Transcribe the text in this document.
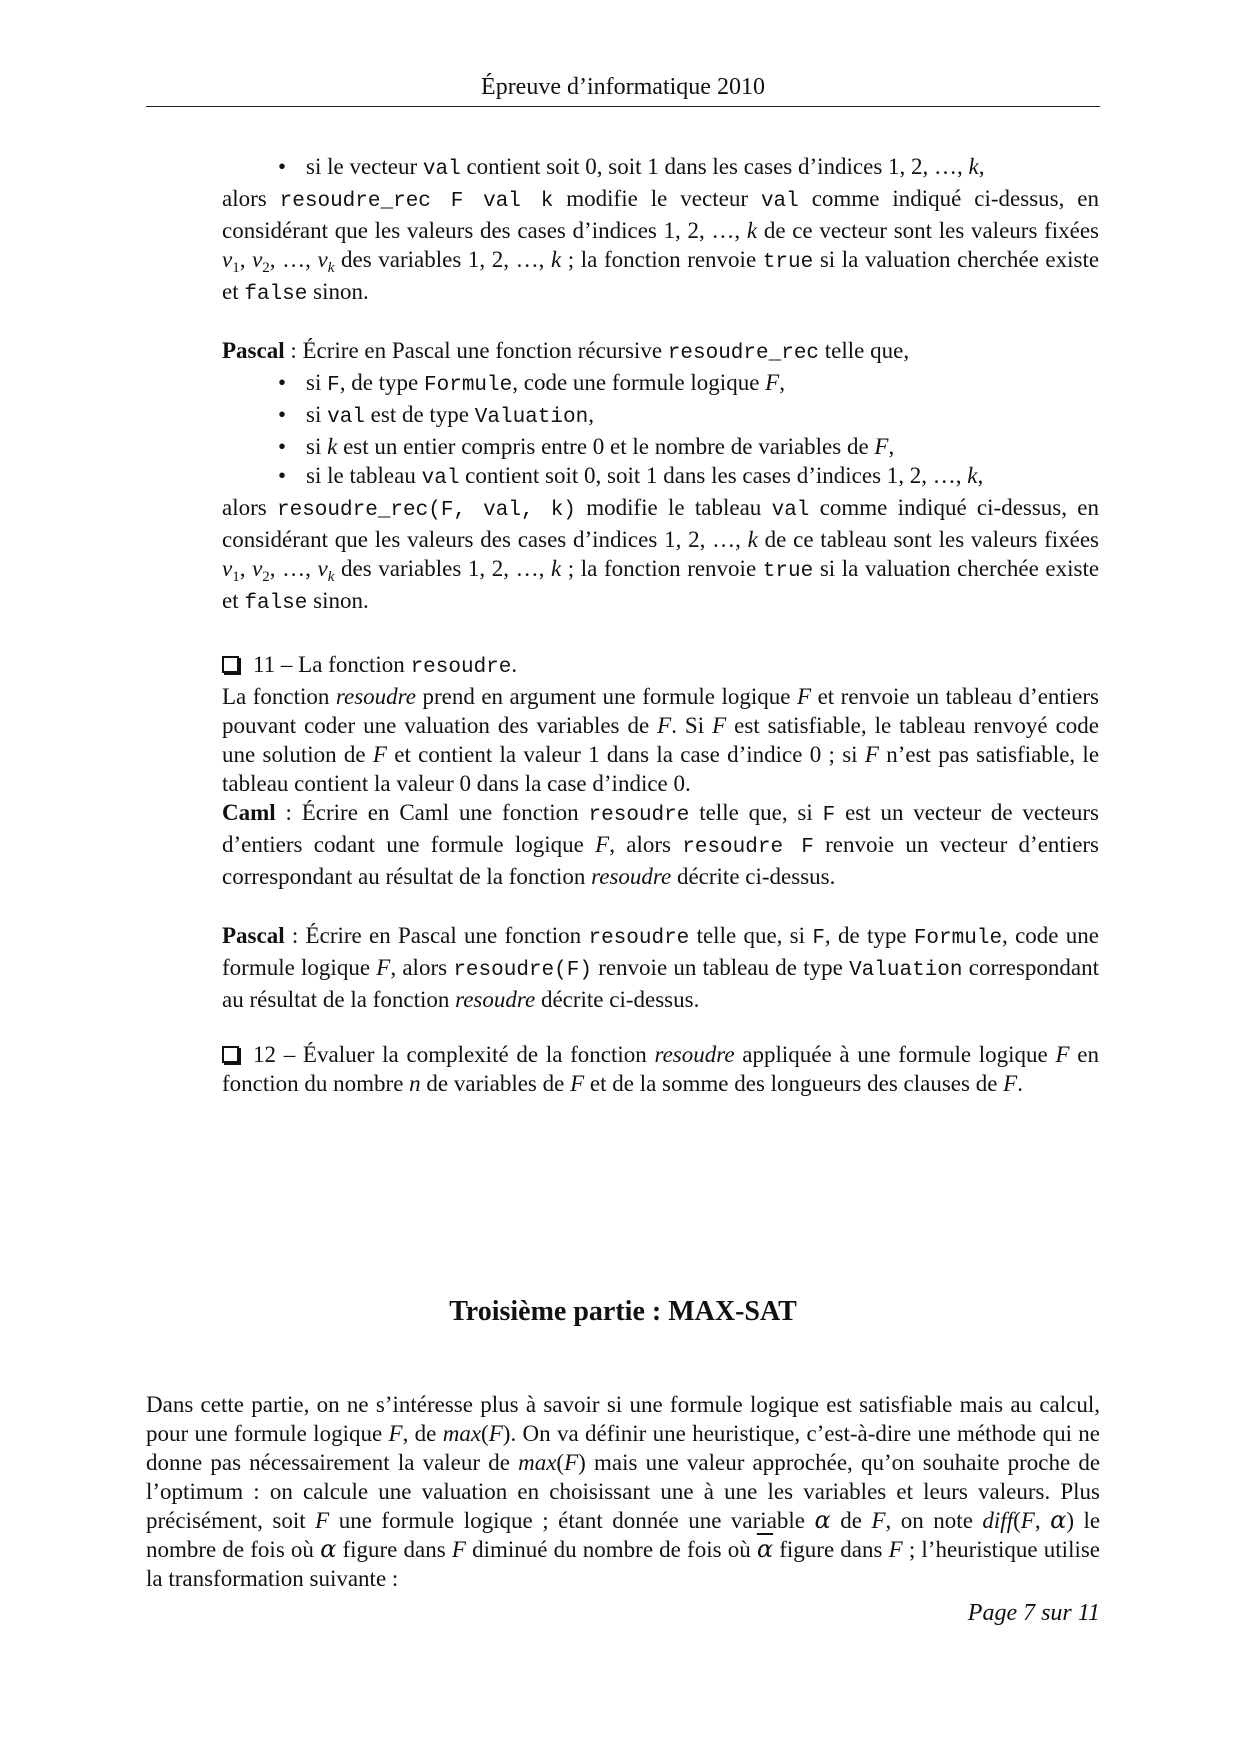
Épreuve d’informatique 2010

• si le vecteur val contient soit 0, soit 1 dans les cases d’indices 1, 2, …, k,

alors resoudre_rec F val k modifie le vecteur val comme indiqué ci-dessus, en considérant que les valeurs des cases d’indices 1, 2, …, k de ce vecteur sont les valeurs fixées $v_1$, $v_2$, …, $v_k$ des variables 1, 2, …, k ; la fonction renvoie true si la valuation cherchée existe et false sinon.

Pascal : Écrire en Pascal une fonction récursive resoudre_rec telle que,

• si F, de type Formule, code une formule logique F,

• si val est de type Valuation,

• si k est un entier compris entre 0 et le nombre de variables de F,

• si le tableau val contient soit 0, soit 1 dans les cases d’indices 1, 2, …, k,

alors resoudre_rec(F, val, k) modifie le tableau val comme indiqué ci-dessus, en considérant que les valeurs des cases d’indices 1, 2, …, k de ce tableau sont les valeurs fixées $v_1$, $v_2$, …, $v_k$ des variables 1, 2, …, k ; la fonction renvoie true si la valuation cherchée existe et false sinon.

11 – La fonction resoudre.

La fonction resoudre prend en argument une formule logique F et renvoie un tableau d’entiers pouvant coder une valuation des variables de F. Si F est satisfiable, le tableau renvoyé code une solution de F et contient la valeur 1 dans la case d’indice 0 ; si F n’est pas satisfiable, le tableau contient la valeur 0 dans la case d’indice 0.

Caml : Écrire en Caml une fonction resoudre telle que, si F est un vecteur de vecteurs d’entiers codant une formule logique F, alors resoudre F renvoie un vecteur d’entiers correspondant au résultat de la fonction resoudre décrite ci-dessus.

Pascal : Écrire en Pascal une fonction resoudre telle que, si F, de type Formule, code une formule logique F, alors resoudre(F) renvoie un tableau de type Valuation correspondant au résultat de la fonction resoudre décrite ci-dessus.

12 – Évaluer la complexité de la fonction resoudre appliquée à une formule logique F en fonction du nombre n de variables de F et de la somme des longueurs des clauses de F.

Troisième partie : MAX-SAT

Dans cette partie, on ne s’intéresse plus à savoir si une formule logique est satisfiable mais au calcul, pour une formule logique F, de max(F). On va définir une heuristique, c’est-à-dire une méthode qui ne donne pas nécessairement la valeur de max(F) mais une valeur approchée, qu’on souhaite proche de l’optimum : on calcule une valuation en choisissant une à une les variables et leurs valeurs. Plus précisément, soit F une formule logique ; étant donnée une variable α de F, on note diff(F, α) le nombre de fois où α figure dans F diminué du nombre de fois où $\overline{\alpha}$ figure dans F ; l’heuristique utilise la transformation suivante :

Page 7 sur 11
